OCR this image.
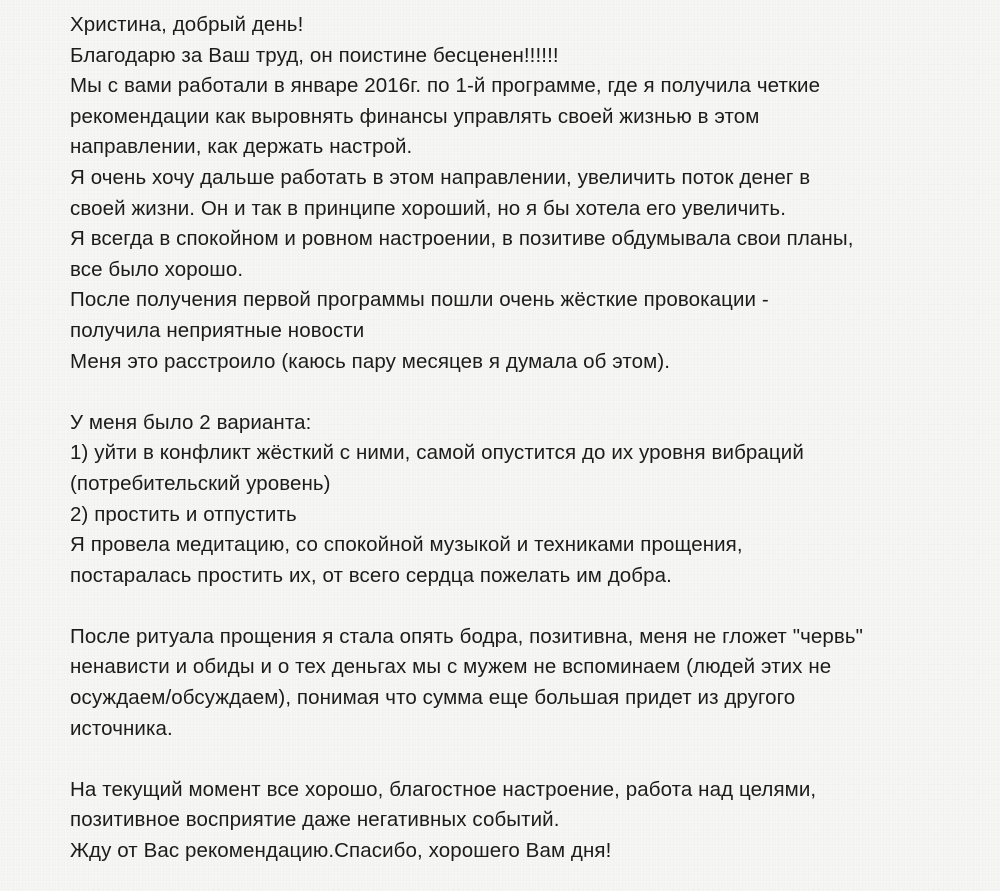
Христина, добрый день!
Благодарю за Ваш труд, он поистине бесценен!!!!!!
Мы с вами работали в январе 2016г. по 1-й программе, где я получила четкие
рекомендации как выровнять финансы управлять своей жизнью в этом
направлении, как держать настрой.
Я очень хочу дальше работать в этом направлении, увеличить поток денег в
своей жизни. Он и так в принципе хороший, но я бы хотела его увеличить.
Я всегда в спокойном и ровном настроении, в позитиве обдумывала свои планы,
все было хорошо.
После получения первой программы пошли очень жёсткие провокации -
получила неприятные новости
Меня это расстроило (каюсь пару месяцев я думала об этом).
У меня было 2 варианта:
1) уйти в конфликт жёсткий с ними, самой опустится до их уровня вибраций
(потребительский уровень)
2) простить и отпустить
Я провела медитацию, со спокойной музыкой и техниками прощения,
постаралась простить их, от всего сердца пожелать им добра.
После ритуала прощения я стала опять бодра, позитивна, меня не гложет "червь"
ненависти и обиды и о тех деньгах мы с мужем не вспоминаем (людей этих не
осуждаем/обсуждаем), понимая что сумма еще большая придет из другого
источника.
На текущий момент все хорошо, благостное настроение, работа над целями,
позитивное восприятие даже негативных событий.
Жду от Вас рекомендацию.Спасибо, хорошего Вам дня!
